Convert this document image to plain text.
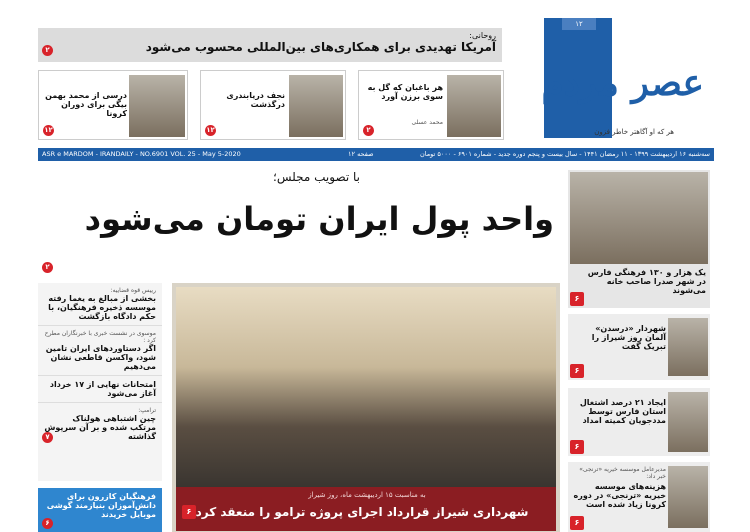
۱۲
عصر مردم
هر که او آگاهتر خاطر فزون
روحانی:
آمریکا تهدیدی برای همکاری‌های بین‌المللی محسوب می‌شود
۲
هر باغبان که گل به سوی برزن آورد
محمد عسلی
۲
نجف دریابندری درگذشت
۱۲
درسی از محمد بهمن بیگی برای دوران کرونا
۱۲
ASR e MARDOM - IRANDAILY - NO.6901 VOL. 25 - May 5-2020	۱۲ صفحه	سه‌شنبه ۱۶ اردیبهشت ۱۳۹۹ - ۱۱ رمضان ۱۴۴۱ - سال بیست و پنجم دوره جدید - شماره ۶۹۰۱ - ۵۰۰۰ تومان
با تصویب مجلس؛
واحد پول ایران تومان می‌شود
۲
رییس قوه قضاییه:
بخشی از مبالغ به یغما رفته موسسه ذخیره فرهنگیان، با حکم دادگاه بازگشت
موسوی در نشست خبری با خبرنگاران مطرح کرد :
اگر دستاوردهای ایران تامین شود، واکسن قاطعی نشان می‌دهیم
امتحانات نهایی از ۱۷ خرداد آغاز می‌شود
ترامپ:
چین اشتباهی هولناک مرتکب شده و بر آن سرپوش گذاشته
۷
فرهنگیان کازرون برای دانش‌آموزان بنیازمند گوشی موبایل خریدند
۶
به مناسبت ۱۵ اردیبهشت ماه، روز شیراز
شهرداری شیراز قرارداد اجرای پروژه ترامو را منعقد کرد
۶
یک هزار و ۱۳۰ فرهنگی فارس در شهر صدرا صاحب خانه می‌شوند
۶
شهردار «درسدن» آلمان روز شیراز را تبریک گفت
۶
ایجاد ۲۱ درصد اشتغال استان فارس توسط مددجویان کمیته امداد
۶
مدیرعامل موسسه خیریه «ترنجی» خبر داد:
هزینه‌های موسسه خیریه «ترنجی» در دوره کرونا زیاد شده است
۶
